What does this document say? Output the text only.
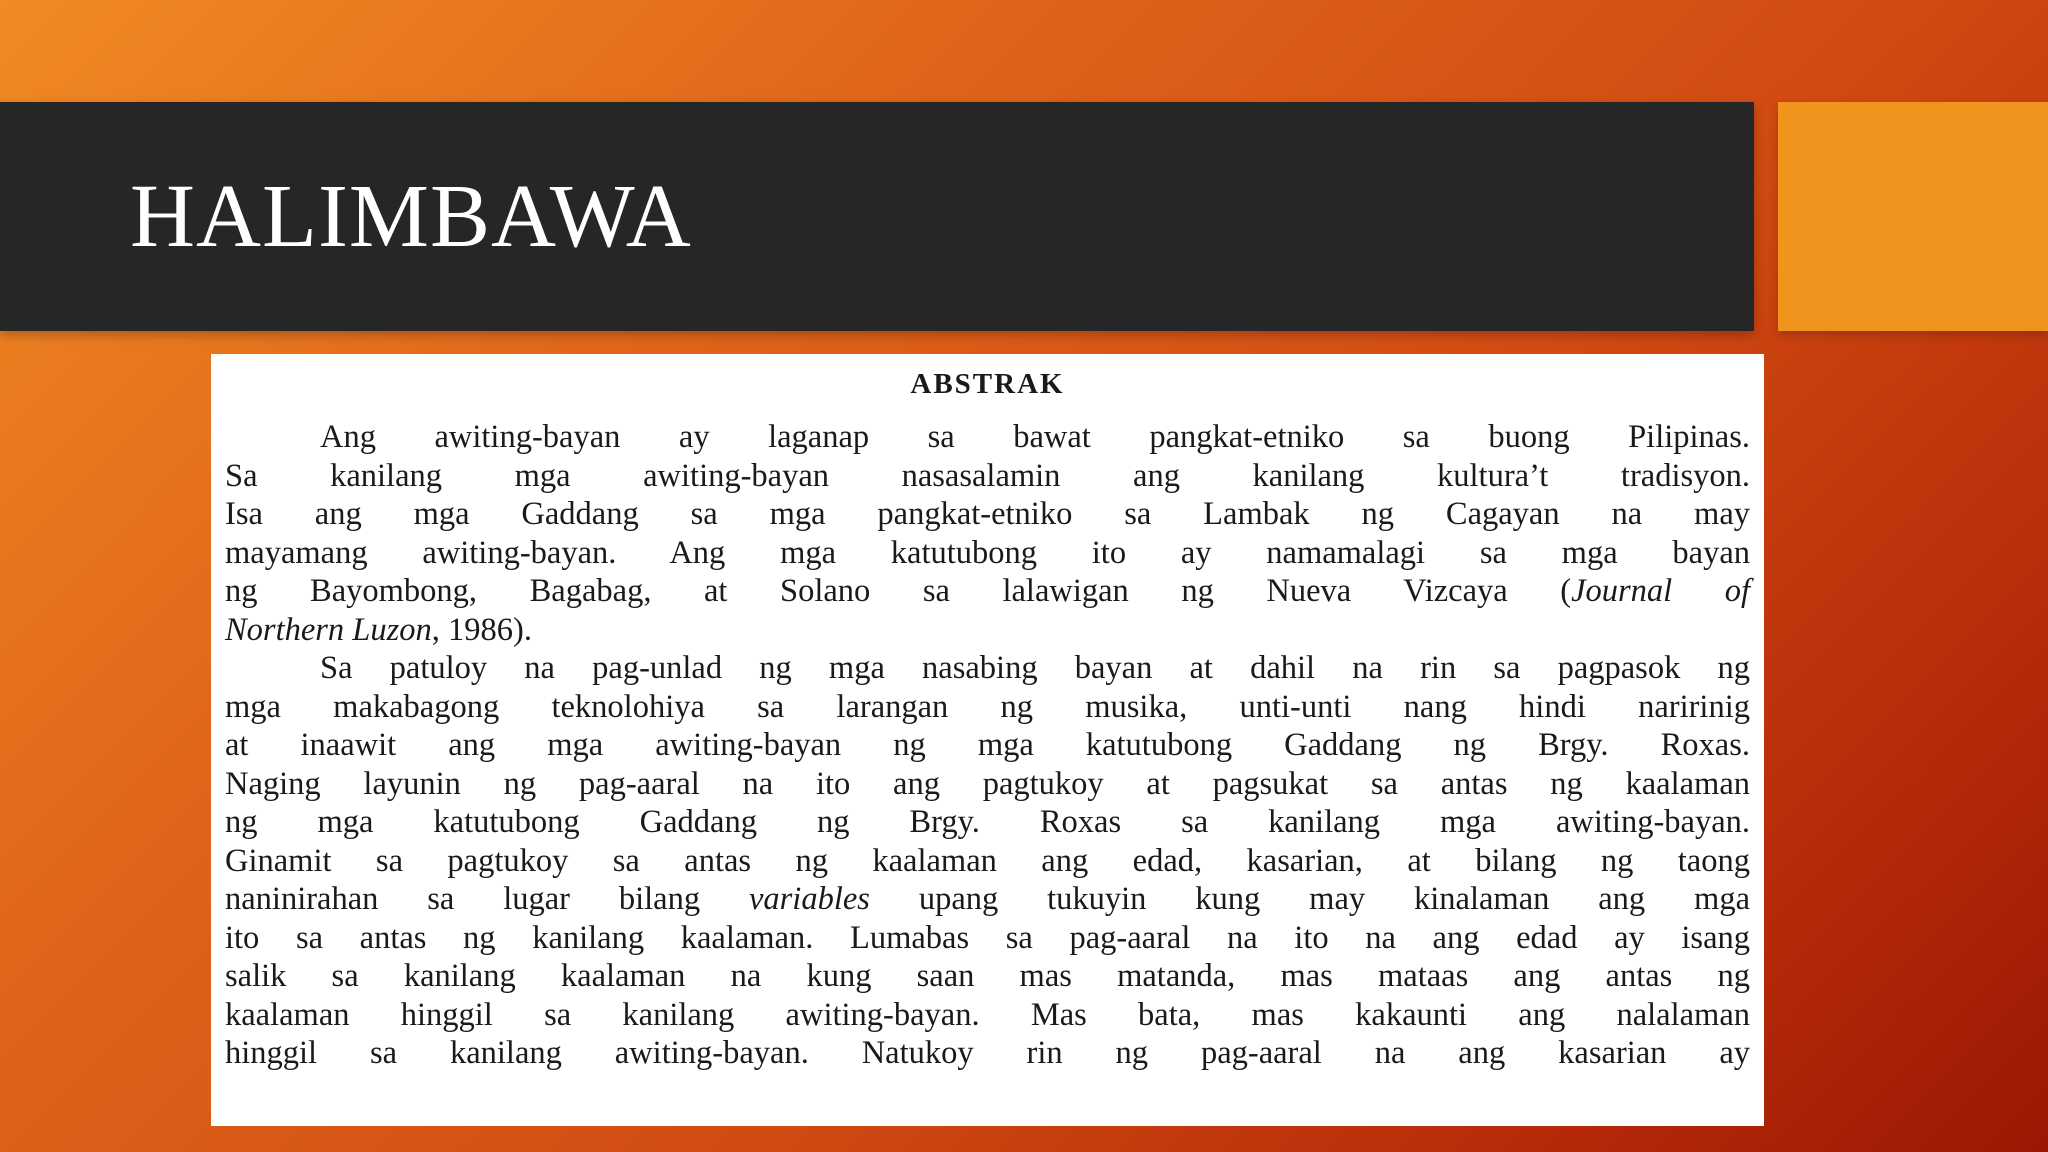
HALIMBAWA
ABSTRAK

Ang awiting-bayan ay laganap sa bawat pangkat-etniko sa buong Pilipinas.
Sa kanilang mga awiting-bayan nasasalamin ang kanilang kultura’t tradisyon.
Isa ang mga Gaddang sa mga pangkat-etniko sa Lambak ng Cagayan na may
mayamang awiting-bayan. Ang mga katutubong ito ay namamalagi sa mga bayan
ng Bayombong, Bagabag, at Solano sa lalawigan ng Nueva Vizcaya (Journal of
Northern Luzon, 1986).

Sa patuloy na pag-unlad ng mga nasabing bayan at dahil na rin sa pagpasok ng
mga makabagong teknolohiya sa larangan ng musika, unti-unti nang hindi naririnig
at inaawit ang mga awiting-bayan ng mga katutubong Gaddang ng Brgy. Roxas.
Naging layunin ng pag-aaral na ito ang pagtukoy at pagsukat sa antas ng kaalaman
ng mga katutubong Gaddang ng Brgy. Roxas sa kanilang mga awiting-bayan.
Ginamit sa pagtukoy sa antas ng kaalaman ang edad, kasarian, at bilang ng taong
naninirahan sa lugar bilang variables upang tukuyin kung may kinalaman ang mga
ito sa antas ng kanilang kaalaman. Lumabas sa pag-aaral na ito na ang edad ay isang
salik sa kanilang kaalaman na kung saan mas matanda, mas mataas ang antas ng
kaalaman hinggil sa kanilang awiting-bayan. Mas bata, mas kakaunti ang nalalaman
hinggil sa kanilang awiting-bayan. Natukoy rin ng pag-aaral na ang kasarian ay
